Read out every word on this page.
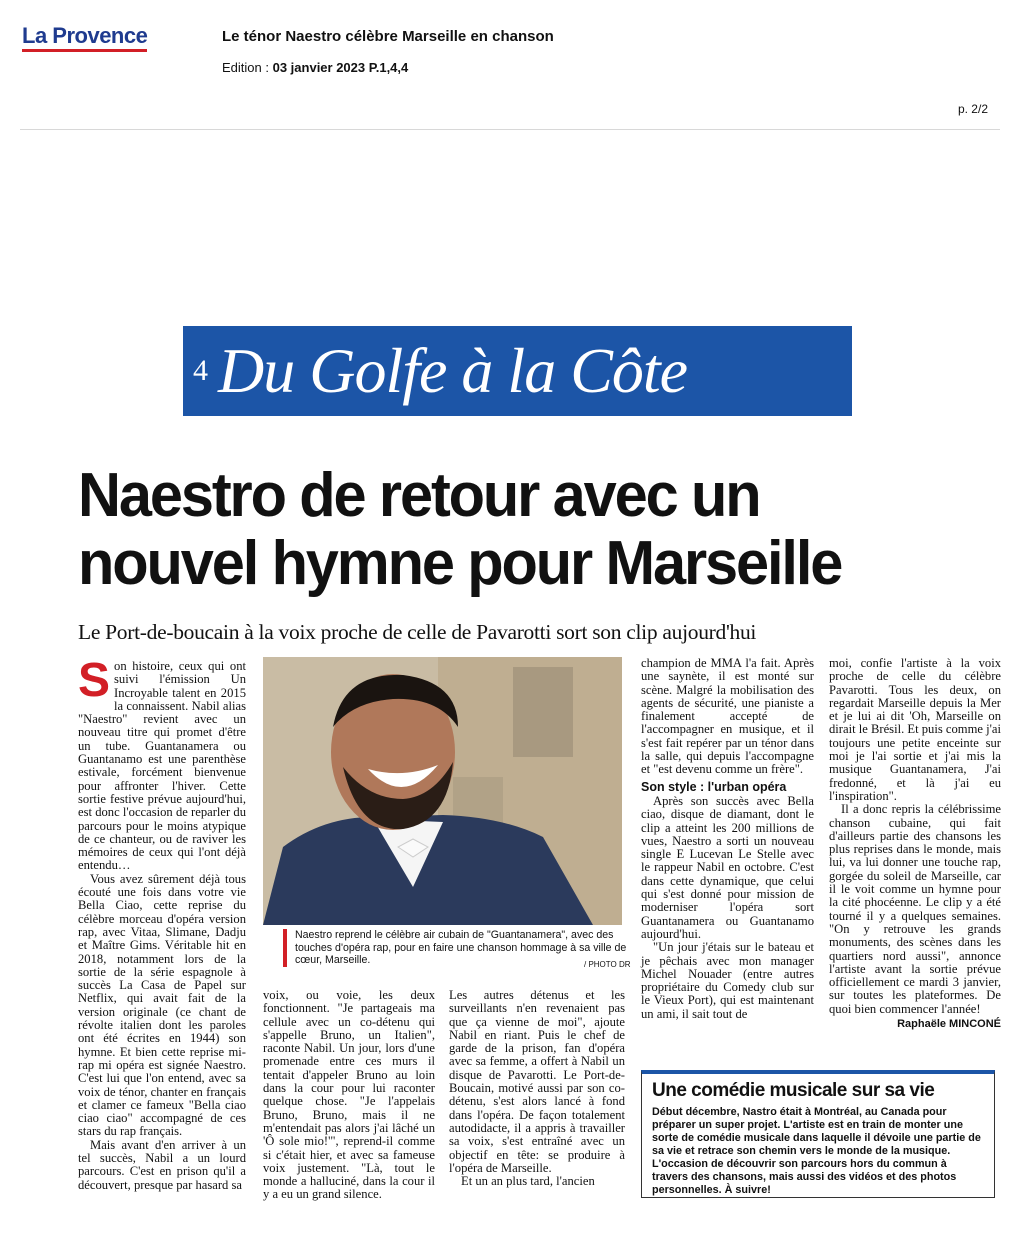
La Provence	Le ténor Naestro célèbre Marseille en chanson
Edition : 03 janvier 2023 P.1,4,4
p. 2/2
4 Du Golfe à la Côte
Naestro de retour avec un
nouvel hymne pour Marseille
Le Port-de-boucain à la voix proche de celle de Pavarotti sort son clip aujourd'hui

Son histoire, ceux qui ont suivi l'émission Un Incroyable talent en 2015 la connaissent. Nabil alias "Naestro" revient avec un nouveau titre qui promet d'être un tube. Guantanamera ou Guantanamo est une parenthèse estivale, forcément bienvenue pour affronter l'hiver. Cette sortie festive prévue aujourd'hui, est donc l'occasion de reparler du parcours pour le moins atypique de ce chanteur, ou de raviver les mémoires de ceux qui l'ont déjà entendu…

Vous avez sûrement déjà tous écouté une fois dans votre vie Bella Ciao, cette reprise du célèbre morceau d'opéra version rap, avec Vitaa, Slimane, Dadju et Maître Gims. Véritable hit en 2018, notamment lors de la sortie de la série espagnole à succès La Casa de Papel sur Netflix, qui avait fait de la version originale (ce chant de révolte italien dont les paroles ont été écrites en 1944) son hymne. Et bien cette reprise mi-rap mi opéra est signée Naestro. C'est lui que l'on entend, avec sa voix de ténor, chanter en français et clamer ce fameux "Bella ciao ciao ciao" accompagné de ces stars du rap français.

Mais avant d'en arriver à un tel succès, Nabil a un lourd parcours. C'est en prison qu'il a découvert, presque par hasard sa

Naestro reprend le célèbre air cubain de "Guantanamera", avec des touches d'opéra rap, pour en faire une chanson hommage à sa ville de cœur, Marseille.	/ PHOTO DR

voix, ou voie, les deux fonctionnent. "Je partageais ma cellule avec un co-détenu qui s'appelle Bruno, un Italien", raconte Nabil. Un jour, lors d'une promenade entre ces murs il tentait d'appeler Bruno au loin dans la cour pour lui raconter quelque chose. "Je l'appelais Bruno, Bruno, mais il ne m'entendait pas alors j'ai lâché un 'Ô sole mio!'", reprend-il comme si c'était hier, et avec sa fameuse voix justement. "Là, tout le monde a halluciné, dans la cour il y a eu un grand silence.

Les autres détenus et les surveillants n'en revenaient pas que ça vienne de moi", ajoute Nabil en riant. Puis le chef de garde de la prison, fan d'opéra avec sa femme, a offert à Nabil un disque de Pavarotti. Le Port-de-Boucain, motivé aussi par son co-détenu, s'est alors lancé à fond dans l'opéra. De façon totalement autodidacte, il a appris à travailler sa voix, s'est entraîné avec un objectif en tête: se produire à l'opéra de Marseille.

Et un an plus tard, l'ancien

champion de MMA l'a fait. Après une saynète, il est monté sur scène. Malgré la mobilisation des agents de sécurité, une pianiste a finalement accepté de l'accompagner en musique, et il s'est fait repérer par un ténor dans la salle, qui depuis l'accompagne et "est devenu comme un frère".

Son style : l'urban opéra

Après son succès avec Bella ciao, disque de diamant, dont le clip a atteint les 200 millions de vues, Naestro a sorti un nouveau single E Lucevan Le Stelle avec le rappeur Nabil en octobre. C'est dans cette dynamique, que celui qui s'est donné pour mission de moderniser l'opéra sort Guantanamera ou Guantanamo aujourd'hui.

"Un jour j'étais sur le bateau et je pêchais avec mon manager Michel Nouader (entre autres propriétaire du Comedy club sur le Vieux Port), qui est maintenant un ami, il sait tout de

moi, confie l'artiste à la voix proche de celle du célèbre Pavarotti. Tous les deux, on regardait Marseille depuis la Mer et je lui ai dit 'Oh, Marseille on dirait le Brésil. Et puis comme j'ai toujours une petite enceinte sur moi je l'ai sortie et j'ai mis la musique Guantanamera, J'ai fredonné, et là j'ai eu l'inspiration".

Il a donc repris la célébrissime chanson cubaine, qui fait d'ailleurs partie des chansons les plus reprises dans le monde, mais lui, va lui donner une touche rap, gorgée du soleil de Marseille, car il le voit comme un hymne pour la cité phocéenne. Le clip y a été tourné il y a quelques semaines. "On y retrouve les grands monuments, des scènes dans les quartiers nord aussi", annonce l'artiste avant la sortie prévue officiellement ce mardi 3 janvier, sur toutes les plateformes. De quoi bien commencer l'année!

Raphaële MINCONÉ
Une comédie musicale sur sa vie

Début décembre, Nastro était à Montréal, au Canada pour préparer un super projet. L'artiste est en train de monter une sorte de comédie musicale dans laquelle il dévoile une partie de sa vie et retrace son chemin vers le monde de la musique. L'occasion de découvrir son parcours hors du commun à travers des chansons, mais aussi des vidéos et des photos personnelles. À suivre!
